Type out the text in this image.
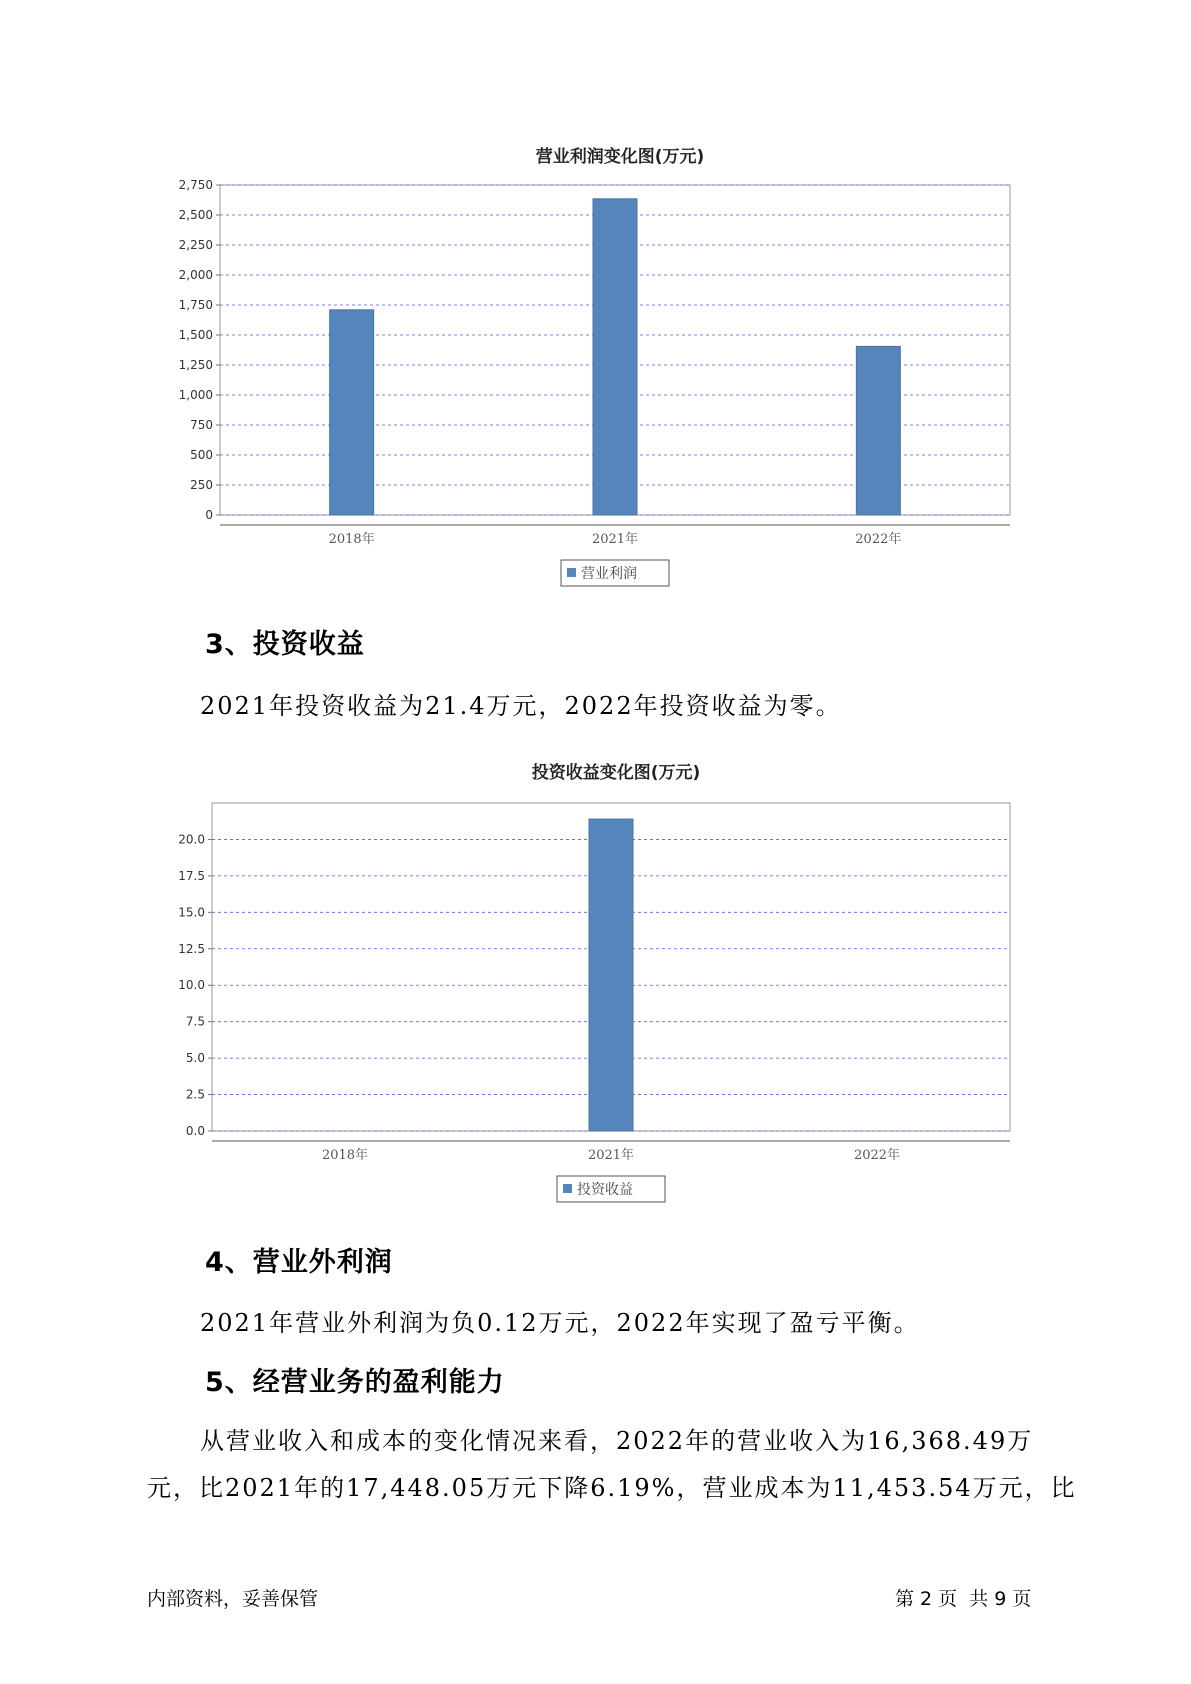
营业利润变化图(万元)
0
250
500
750
1,000
1,250
1,500
1,750
2,000
2,250
2,500
2,750
2018年	2021年	2022年
营业利润
3、投资收益

2021年投资收益为21.4万元，2022年投资收益为零。

投资收益变化图(万元)
0.0
2.5
5.0
7.5
10.0
12.5
15.0
17.5
20.0
2018年	2021年	2022年
投资收益
4、营业外利润

2021年营业外利润为负0.12万元，2022年实现了盈亏平衡。

5、经营业务的盈利能力

从营业收入和成本的变化情况来看，2022年的营业收入为16,368.49万

元，比2021年的17,448.05万元下降6.19%，营业成本为11,453.54万元，比

内部资料，妥善保管	第 2 页  共 9 页
